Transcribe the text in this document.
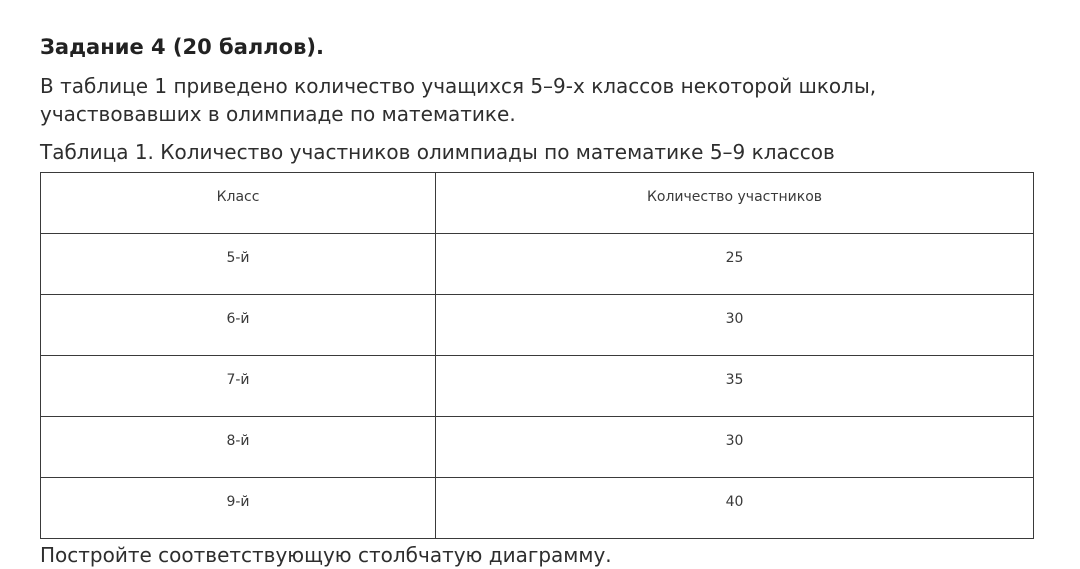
Задание 4 (20 баллов).
В таблице 1 приведено количество учащихся 5–9-х классов некоторой школы, участвовавших в олимпиаде по математике.
Таблица 1. Количество участников олимпиады по математике 5–9 классов
Класс	Количество участников
5-й	25
6-й	30
7-й	35
8-й	30
9-й	40
Постройте соответствующую столбчатую диаграмму.
